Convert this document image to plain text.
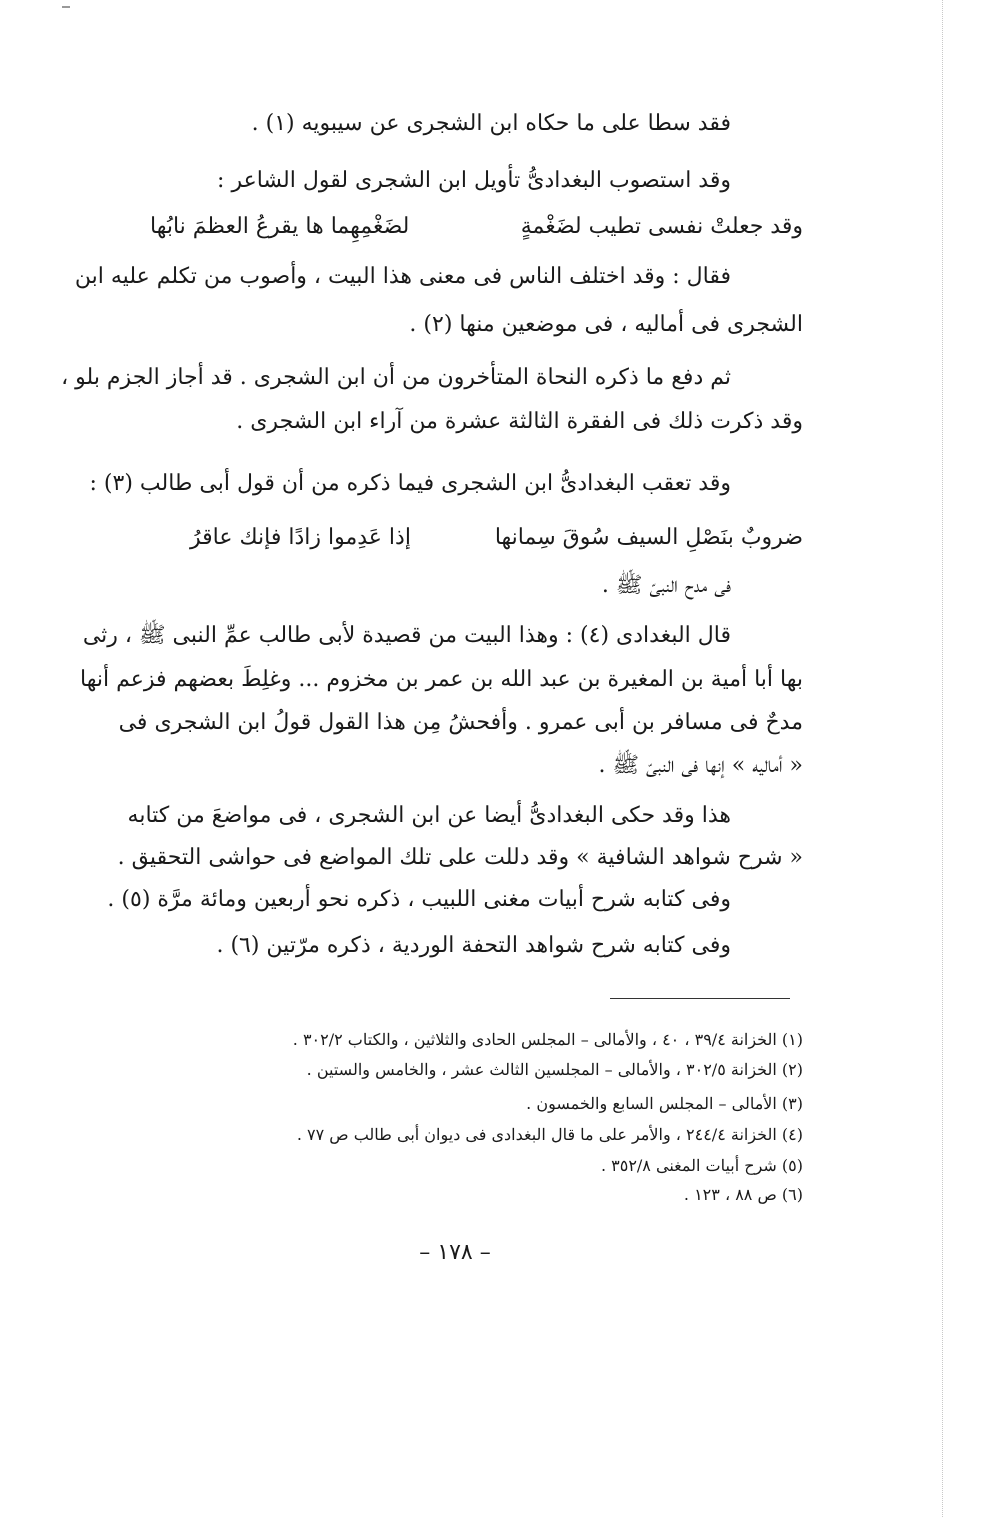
فقد سطا على ما حكاه ابن الشجرى عن سيبويه (١) .
وقد استصوب البغدادىُّ تأويل ابن الشجرى لقول الشاعر :
وقد جعلتْ نفسى تطيب لضَغْمةٍ
لضَغْمِهِما ها يقرعُ العظمَ نابُها
فقال : وقد اختلف الناس فى معنى هذا البيت ، وأصوب من تكلم عليه ابن
الشجرى فى أماليه ، فى موضعين منها (٢) .
ثم دفع ما ذكره النحاة المتأخرون من أن ابن الشجرى . قد أجاز الجزم بلو ،
وقد ذكرت ذلك فى الفقرة الثالثة عشرة من آراء ابن الشجرى .
وقد تعقب البغدادىُّ ابن الشجرى فيما ذكره من أن قول أبى طالب (٣) :
ضروبٌ بنَصْلِ السيف سُوقَ سِمانها
إذا عَدِموا زادًا فإنك عاقرُ
فى مدح النبىّ ﷺ .
قال البغدادى (٤) : وهذا البيت من قصيدة لأبى طالب عمِّ النبى ﷺ ، رثى
بها أبا أمية بن المغيرة بن عبد الله بن عمر بن مخزوم ... وغلِطَ بعضهم فزعم أنها
مدحٌ فى مسافر بن أبى عمرو . وأفحشُ مِن هذا القول قولُ ابن الشجرى فى
« أماليه » إنها فى النبىّ ﷺ .
هذا وقد حكى البغدادىُّ أيضا عن ابن الشجرى ، فى مواضعَ من كتابه
« شرح شواهد الشافية » وقد دللت على تلك المواضع فى حواشى التحقيق .
وفى كتابه شرح أبيات مغنى اللبيب ، ذكره نحو أربعين ومائة مرَّة (٥) .
وفى كتابه شرح شواهد التحفة الوردية ، ذكره مرّتين (٦) .
(١) الخزانة ٣٩/٤ ، ٤٠ ، والأمالى – المجلس الحادى والثلاثين ، والكتاب ٣٠٢/٢ .
(٢) الخزانة ٣٠٢/٥ ، والأمالى – المجلسين الثالث عشر ، والخامس والستين .
(٣) الأمالى – المجلس السابع والخمسون .
(٤) الخزانة ٢٤٤/٤ ، والأمر على ما قال البغدادى فى ديوان أبى طالب ص ٧٧ .
(٥) شرح أبيات المغنى ٣٥٢/٨ .
(٦) ص ٨٨ ، ١٢٣ .
– ١٧٨ –
